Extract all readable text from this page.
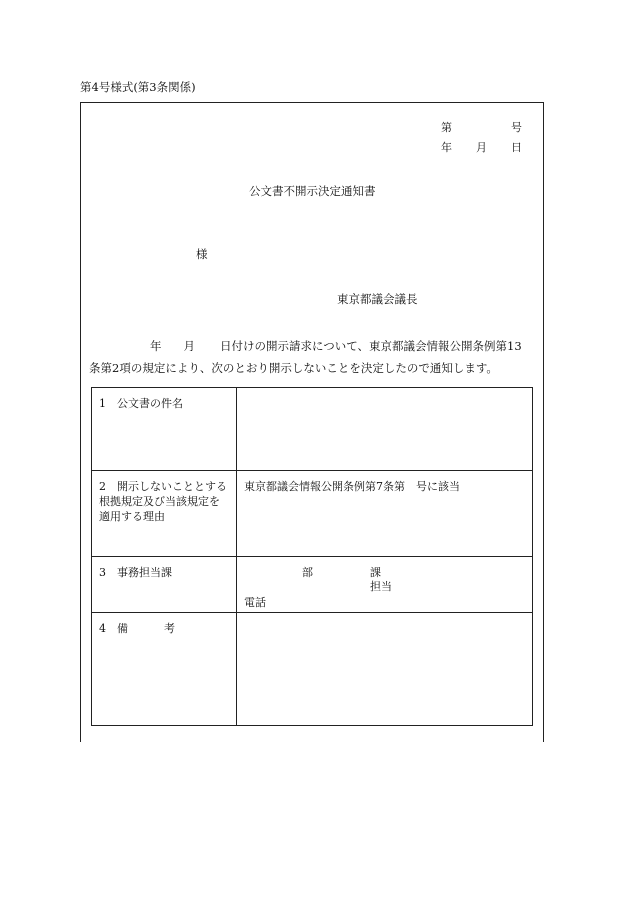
第4号様式(第3条関係)
第	号
年 月 日
公文書不開示決定通知書
様
東京都議会議長
年 月 日付けの開示請求について、東京都議会情報公開条例第13
条第2項の規定により、次のとおり開示しないことを決定したので通知します。
1 公文書の件名	
2 開示しないこととする根拠規定及び当該規定を適用する理由	東京都議会情報公開条例第7条第　号に該当
3 事務担当課	部 課
担当
電話

4 備 考	
